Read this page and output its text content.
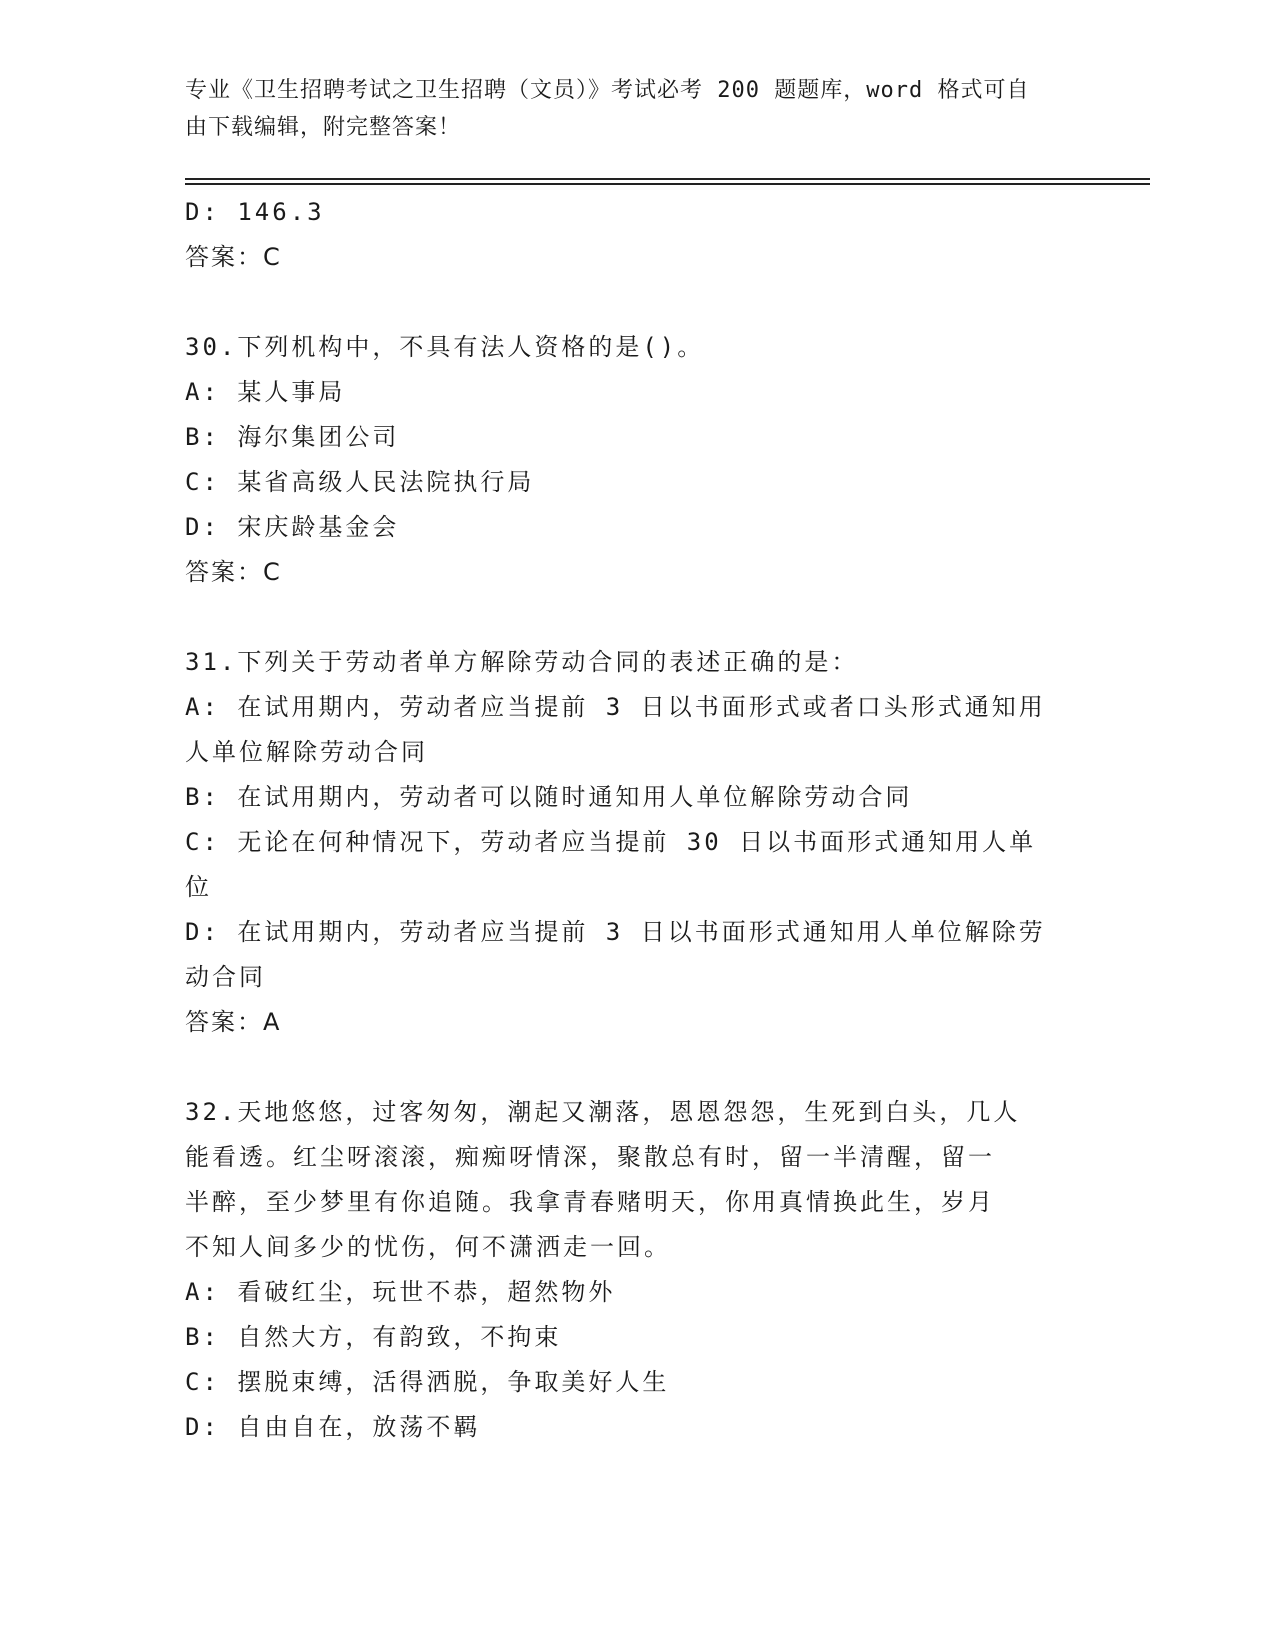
专业《卫生招聘考试之卫生招聘（文员）》考试必考 200 题题库，word 格式可自
由下载编辑，附完整答案！
D: 146.3
答案：C
30.下列机构中，不具有法人资格的是()。
A: 某人事局
B: 海尔集团公司
C: 某省高级人民法院执行局
D: 宋庆龄基金会
答案：C
31.下列关于劳动者单方解除劳动合同的表述正确的是：
A: 在试用期内，劳动者应当提前 3 日以书面形式或者口头形式通知用
人单位解除劳动合同
B: 在试用期内，劳动者可以随时通知用人单位解除劳动合同
C: 无论在何种情况下，劳动者应当提前 30 日以书面形式通知用人单
位
D: 在试用期内，劳动者应当提前 3 日以书面形式通知用人单位解除劳
动合同
答案：A
32.天地悠悠，过客匆匆，潮起又潮落，恩恩怨怨，生死到白头，几人
能看透。红尘呀滚滚，痴痴呀情深，聚散总有时，留一半清醒，留一
半醉，至少梦里有你追随。我拿青春赌明天，你用真情换此生，岁月
不知人间多少的忧伤，何不潇洒走一回。
A: 看破红尘，玩世不恭，超然物外
B: 自然大方，有韵致，不拘束
C: 摆脱束缚，活得洒脱，争取美好人生
D: 自由自在，放荡不羁
